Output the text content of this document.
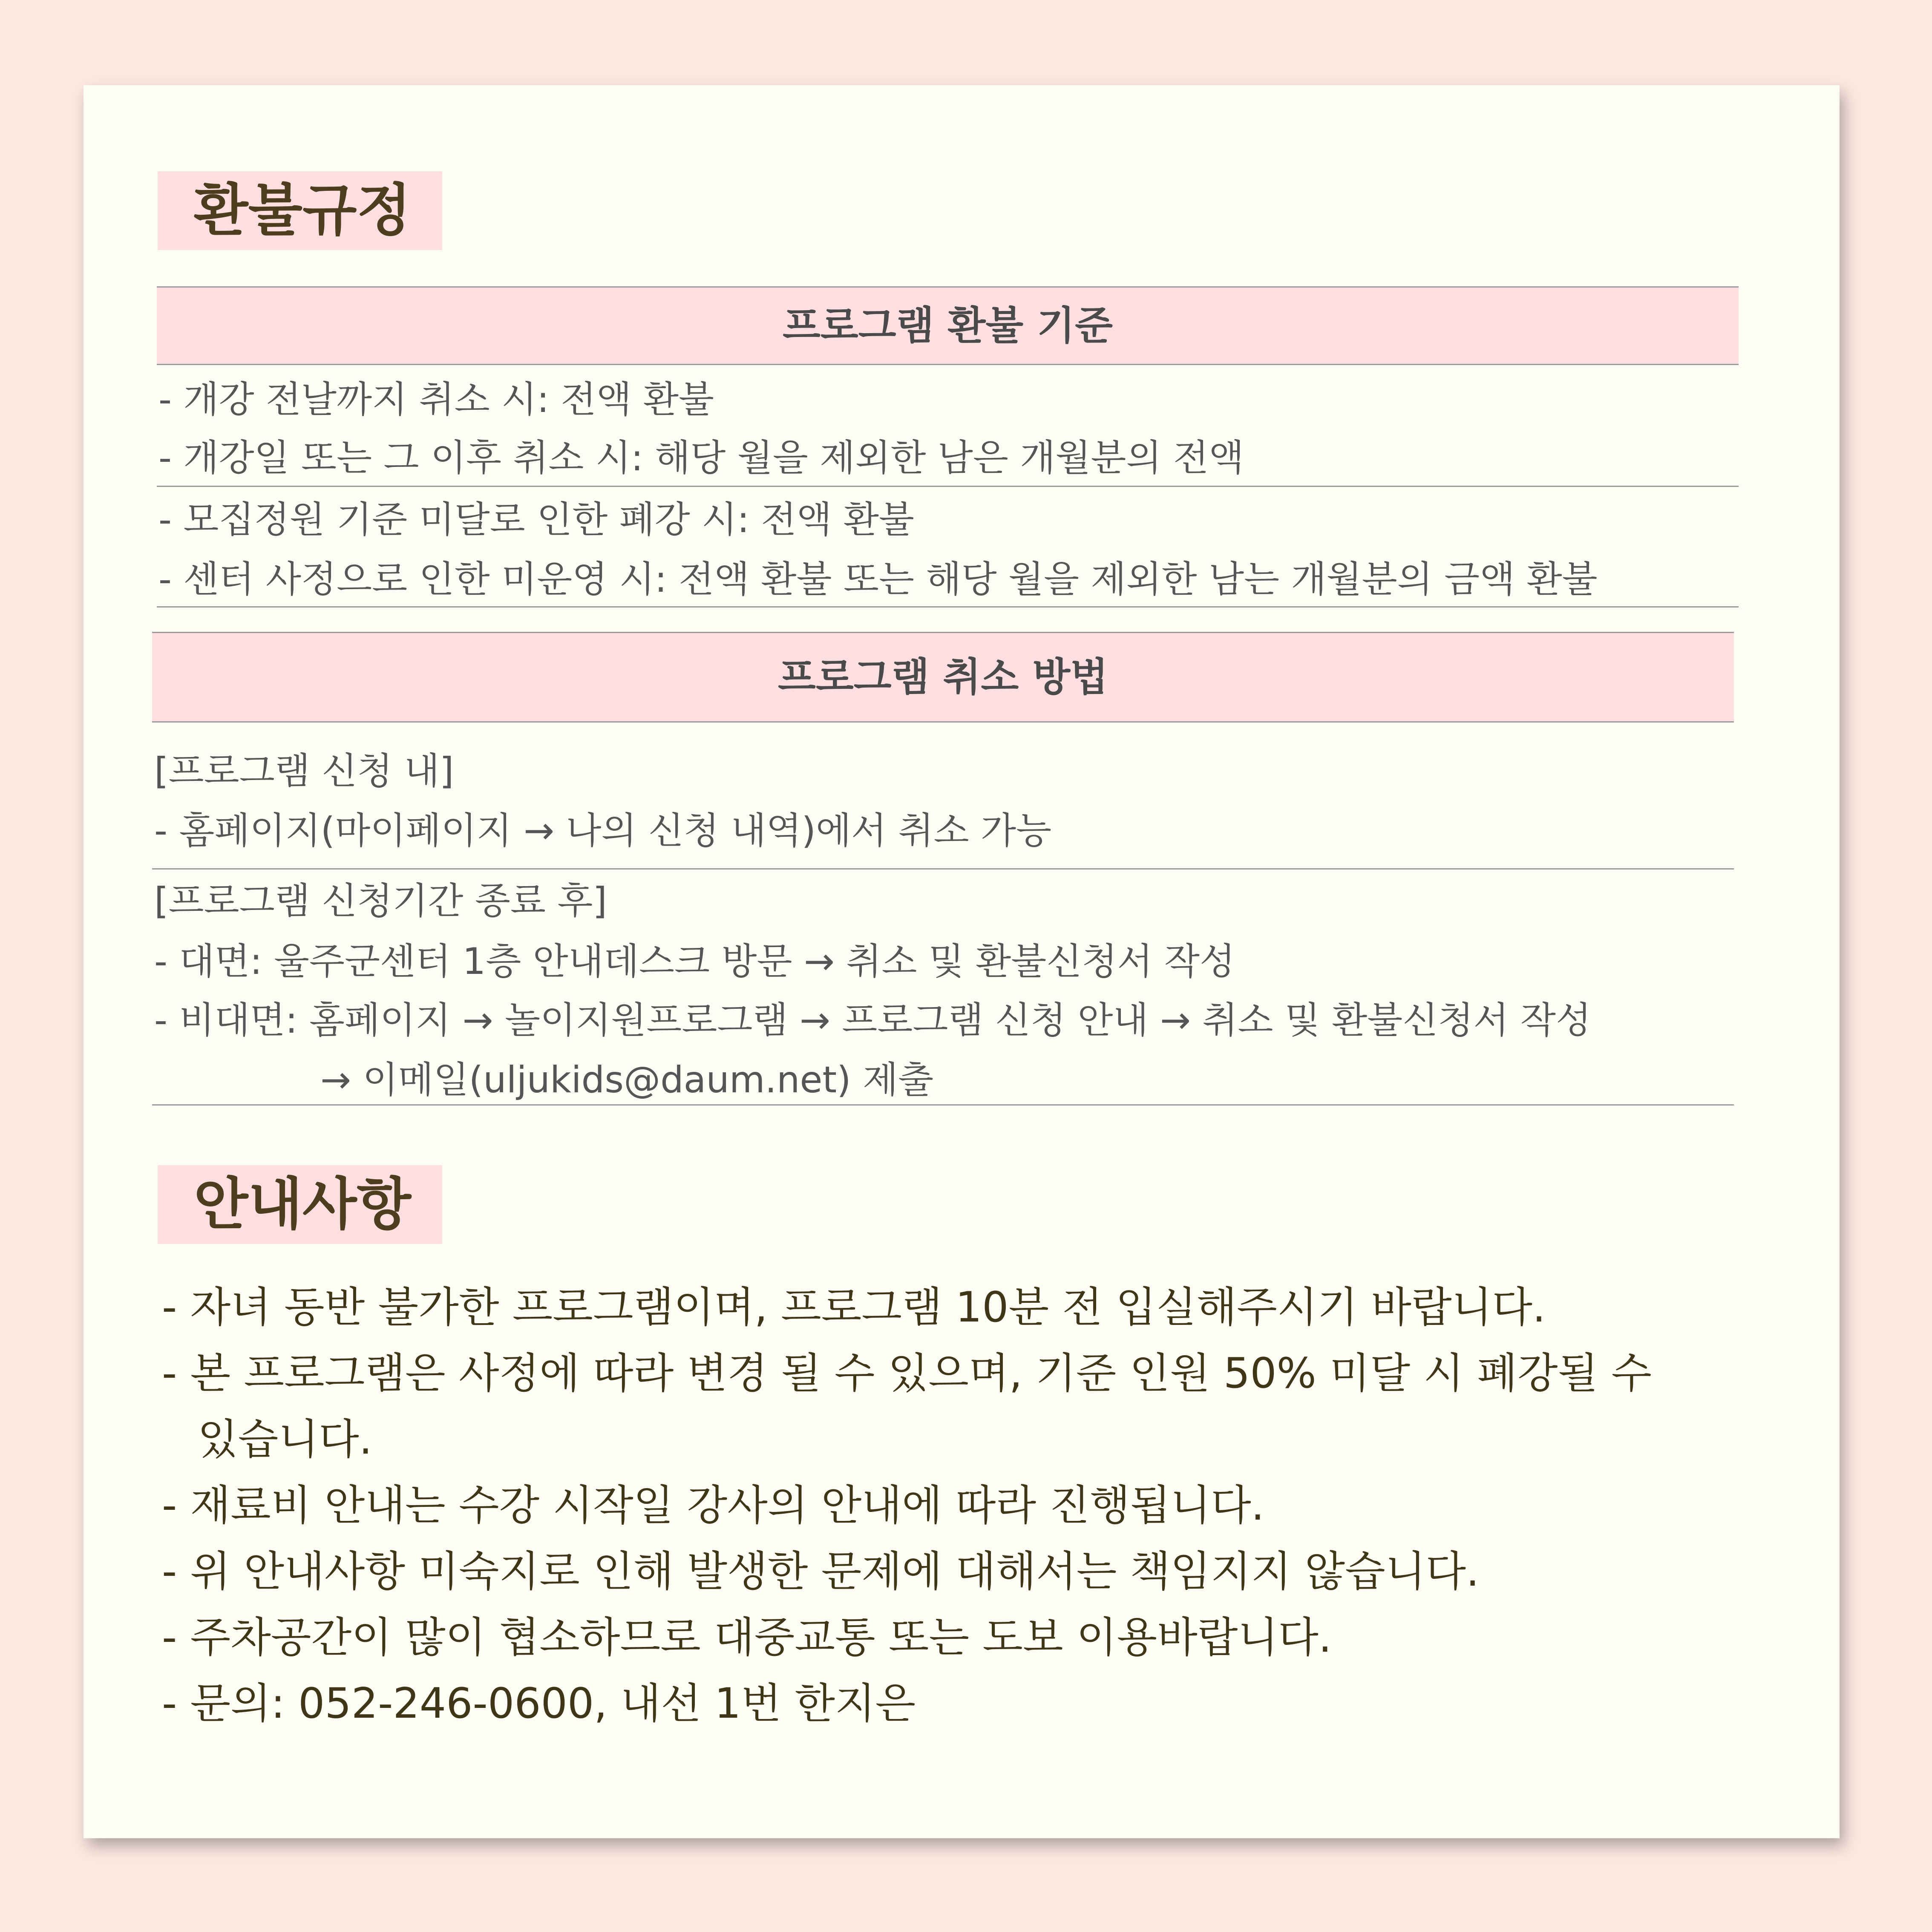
환불규정
프로그램 환불 기준
- 개강 전날까지 취소 시: 전액 환불
- 개강일 또는 그 이후 취소 시: 해당 월을 제외한 남은 개월분의 전액
- 모집정원 기준 미달로 인한 폐강 시: 전액 환불
- 센터 사정으로 인한 미운영 시: 전액 환불 또는 해당 월을 제외한 남는 개월분의 금액 환불
프로그램 취소 방법
[프로그램 신청 내]
- 홈페이지(마이페이지 → 나의 신청 내역)에서 취소 가능
[프로그램 신청기간 종료 후]
- 대면: 울주군센터 1층 안내데스크 방문 → 취소 및 환불신청서 작성
- 비대면: 홈페이지 → 놀이지원프로그램 → 프로그램 신청 안내 → 취소 및 환불신청서 작성
→ 이메일(uljukids@daum.net) 제출
안내사항
- 자녀 동반 불가한 프로그램이며, 프로그램 10분 전 입실해주시기 바랍니다.
- 본 프로그램은 사정에 따라 변경 될 수 있으며, 기준 인원 50% 미달 시 폐강될 수
있습니다.
- 재료비 안내는 수강 시작일 강사의 안내에 따라 진행됩니다.
- 위 안내사항 미숙지로 인해 발생한 문제에 대해서는 책임지지 않습니다.
- 주차공간이 많이 협소하므로 대중교통 또는 도보 이용바랍니다.
- 문의: 052-246-0600, 내선 1번 한지은
